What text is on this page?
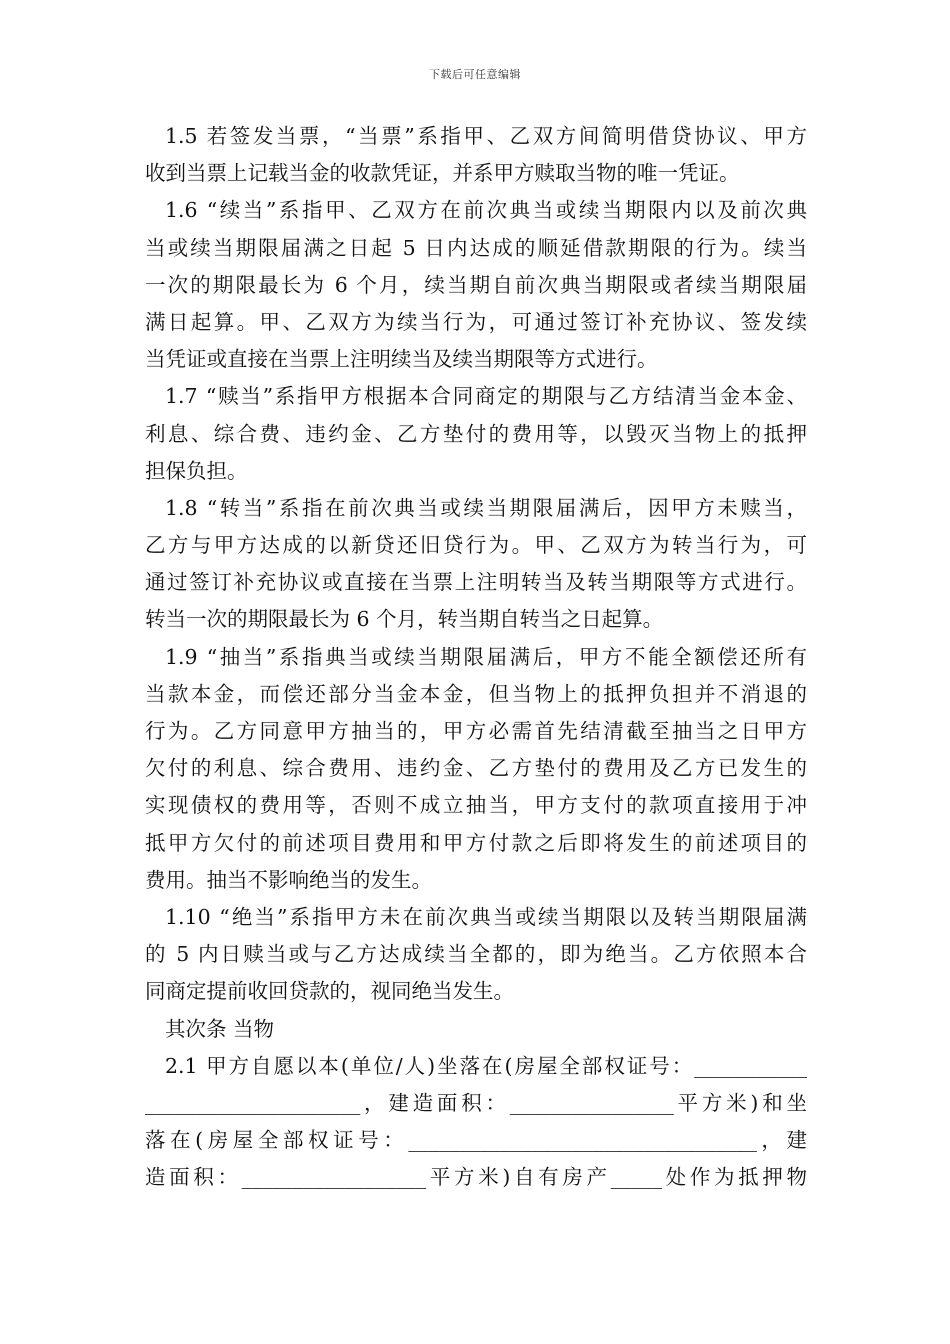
下载后可任意编辑
1.5 若签发当票，“当票”系指甲、乙双方间简明借贷协议、甲方
收到当票上记载当金的收款凭证，并系甲方赎取当物的唯一凭证。
1.6 “续当”系指甲、乙双方在前次典当或续当期限内以及前次典
当或续当期限届满之日起 5 日内达成的顺延借款期限的行为。续当
一次的期限最长为 6 个月，续当期自前次典当期限或者续当期限届
满日起算。甲、乙双方为续当行为，可通过签订补充协议、签发续
当凭证或直接在当票上注明续当及续当期限等方式进行。
1.7 “赎当”系指甲方根据本合同商定的期限与乙方结清当金本金、
利息、综合费、违约金、乙方垫付的费用等，以毁灭当物上的抵押
担保负担。
1.8 “转当”系指在前次典当或续当期限届满后，因甲方未赎当，
乙方与甲方达成的以新贷还旧贷行为。甲、乙双方为转当行为，可
通过签订补充协议或直接在当票上注明转当及转当期限等方式进行。
转当一次的期限最长为 6 个月，转当期自转当之日起算。
1.9 “抽当”系指典当或续当期限届满后，甲方不能全额偿还所有
当款本金，而偿还部分当金本金，但当物上的抵押负担并不消退的
行为。乙方同意甲方抽当的，甲方必需首先结清截至抽当之日甲方
欠付的利息、综合费用、违约金、乙方垫付的费用及乙方已发生的
实现债权的费用等，否则不成立抽当，甲方支付的款项直接用于冲
抵甲方欠付的前述项目费用和甲方付款之后即将发生的前述项目的
费用。抽当不影响绝当的发生。
1.10 “绝当”系指甲方未在前次典当或续当期限以及转当期限届满
的 5 内日赎当或与乙方达成续当全都的，即为绝当。乙方依照本合
同商定提前收回贷款的，视同绝当发生。
其次条 当物
2.1 甲方自愿以本(单位/人)坐落在(房屋全部权证号：___________
_____________________，建造面积：________________平方米)和坐
落在(房屋全部权证号：__________________________________，建
造面积：__________________平方米)自有房产_____处作为抵押物
